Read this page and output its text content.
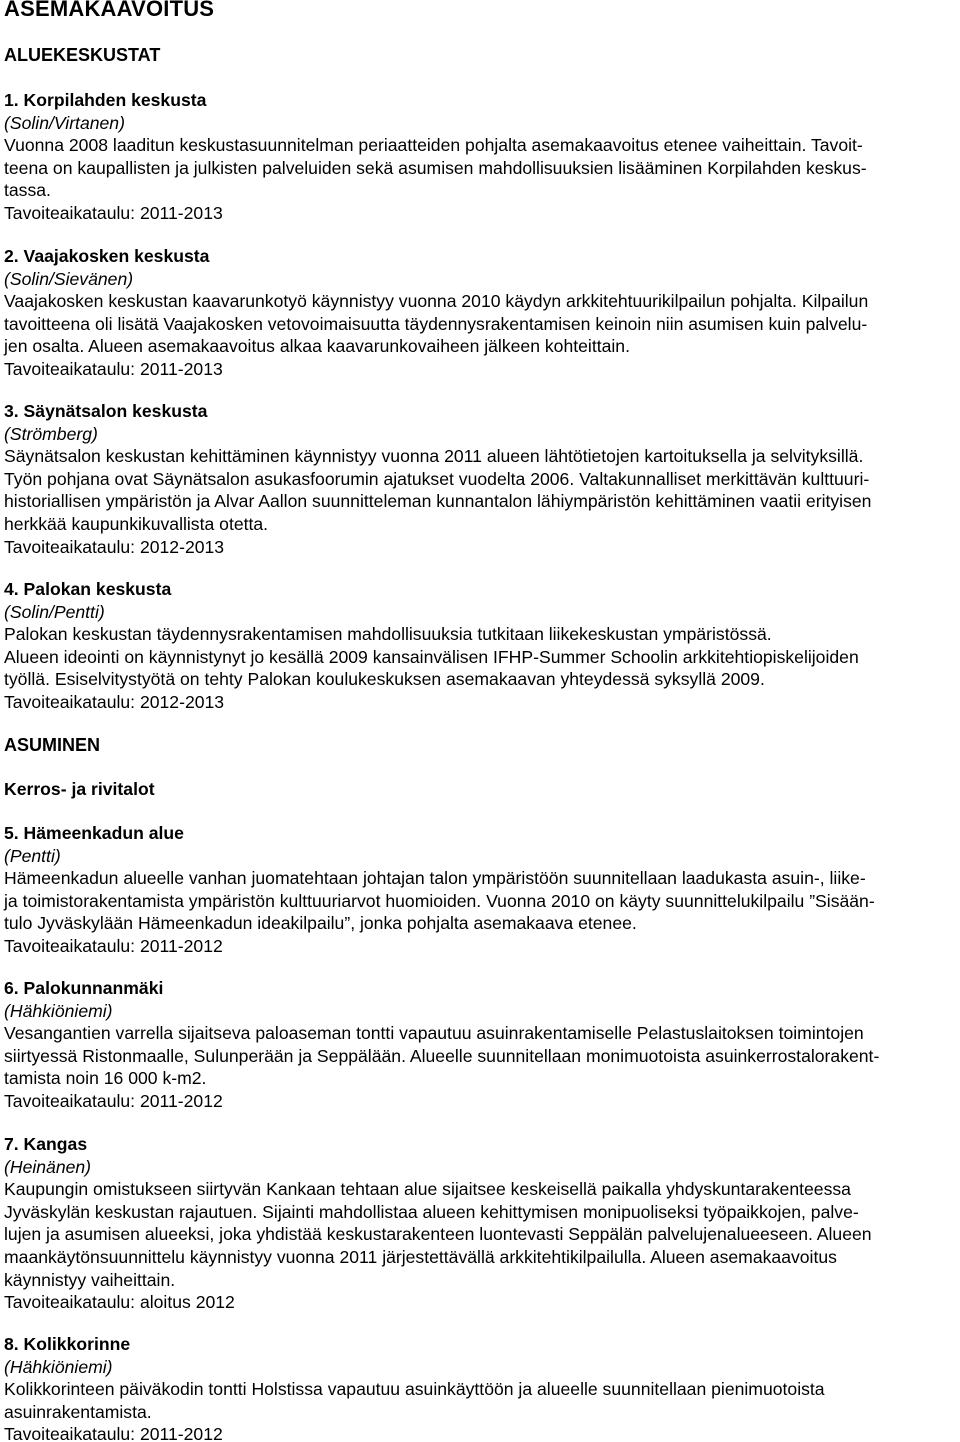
ASEMAKAAVOITUS
ALUEKESKUSTAT

1. Korpilahden keskusta

(Solin/Virtanen)

Vuonna 2008 laaditun keskustasuunnitelman periaatteiden pohjalta asemakaavoitus etenee vaiheittain. Tavoit-

teena on kaupallisten ja julkisten palveluiden sekä asumisen mahdollisuuksien lisääminen Korpilahden keskus-

tassa.

Tavoiteaikataulu: 2011-2013

2. Vaajakosken keskusta

(Solin/Sievänen)

Vaajakosken keskustan kaavarunkotyö käynnistyy vuonna 2010 käydyn arkkitehtuurikilpailun pohjalta. Kilpailun

tavoitteena oli lisätä Vaajakosken vetovoimaisuutta täydennysrakentamisen keinoin niin asumisen kuin palvelu-

jen osalta. Alueen asemakaavoitus alkaa kaavarunkovaiheen jälkeen kohteittain.

Tavoiteaikataulu: 2011-2013

3. Säynätsalon keskusta

(Strömberg)

Säynätsalon keskustan kehittäminen käynnistyy vuonna 2011 alueen lähtötietojen kartoituksella ja selvityksillä.

Työn pohjana ovat Säynätsalon asukasfoorumin ajatukset vuodelta 2006. Valtakunnalliset merkittävän kulttuuri-

historiallisen ympäristön ja Alvar Aallon suunnitteleman kunnantalon lähiympäristön kehittäminen vaatii erityisen

herkkää kaupunkikuvallista otetta.

Tavoiteaikataulu: 2012-2013

4. Palokan keskusta

(Solin/Pentti)

Palokan keskustan täydennysrakentamisen mahdollisuuksia tutkitaan liikekeskustan ympäristössä.

Alueen ideointi on käynnistynyt jo kesällä 2009 kansainvälisen IFHP-Summer Schoolin arkkitehtiopiskelijoiden

työllä. Esiselvitystyötä on tehty Palokan koulukeskuksen asemakaavan yhteydessä syksyllä 2009.

Tavoiteaikataulu: 2012-2013

ASUMINEN
Kerros- ja rivitalot

5. Hämeenkadun alue

(Pentti)

Hämeenkadun alueelle vanhan juomatehtaan johtajan talon ympäristöön suunnitellaan laadukasta asuin-, liike-

ja toimistorakentamista ympäristön kulttuuriarvot huomioiden. Vuonna 2010 on käyty suunnittelukilpailu ”Sisään-

tulo Jyväskylään Hämeenkadun ideakilpailu”, jonka pohjalta asemakaava etenee.

Tavoiteaikataulu: 2011-2012

6. Palokunnanmäki

(Hähkiöniemi)

Vesangantien varrella sijaitseva paloaseman tontti vapautuu asuinrakentamiselle Pelastuslaitoksen toimintojen

siirtyessä Ristonmaalle, Sulunperään ja Seppälään. Alueelle suunnitellaan monimuotoista asuinkerrostalorakent-

tamista noin 16 000 k-m2.

Tavoiteaikataulu: 2011-2012

7. Kangas

(Heinänen)

Kaupungin omistukseen siirtyvän Kankaan tehtaan alue sijaitsee keskeisellä paikalla yhdyskuntarakenteessa

Jyväskylän keskustan rajautuen. Sijainti mahdollistaa alueen kehittymisen monipuoliseksi työpaikkojen, palve-

lujen ja asumisen alueeksi, joka yhdistää keskustarakenteen luontevasti Seppälän palvelujenalueeseen. Alueen

maankäytönsuunnittelu käynnistyy vuonna 2011 järjestettävällä arkkitehtikilpailulla. Alueen asemakaavoitus

käynnistyy vaiheittain.

Tavoiteaikataulu: aloitus 2012

8. Kolikkorinne

(Hähkiöniemi)

Kolikkorinteen päiväkodin tontti Holstissa vapautuu asuinkäyttöön ja alueelle suunnitellaan pienimuotoista

asuinrakentamista.

Tavoiteaikataulu: 2011-2012
